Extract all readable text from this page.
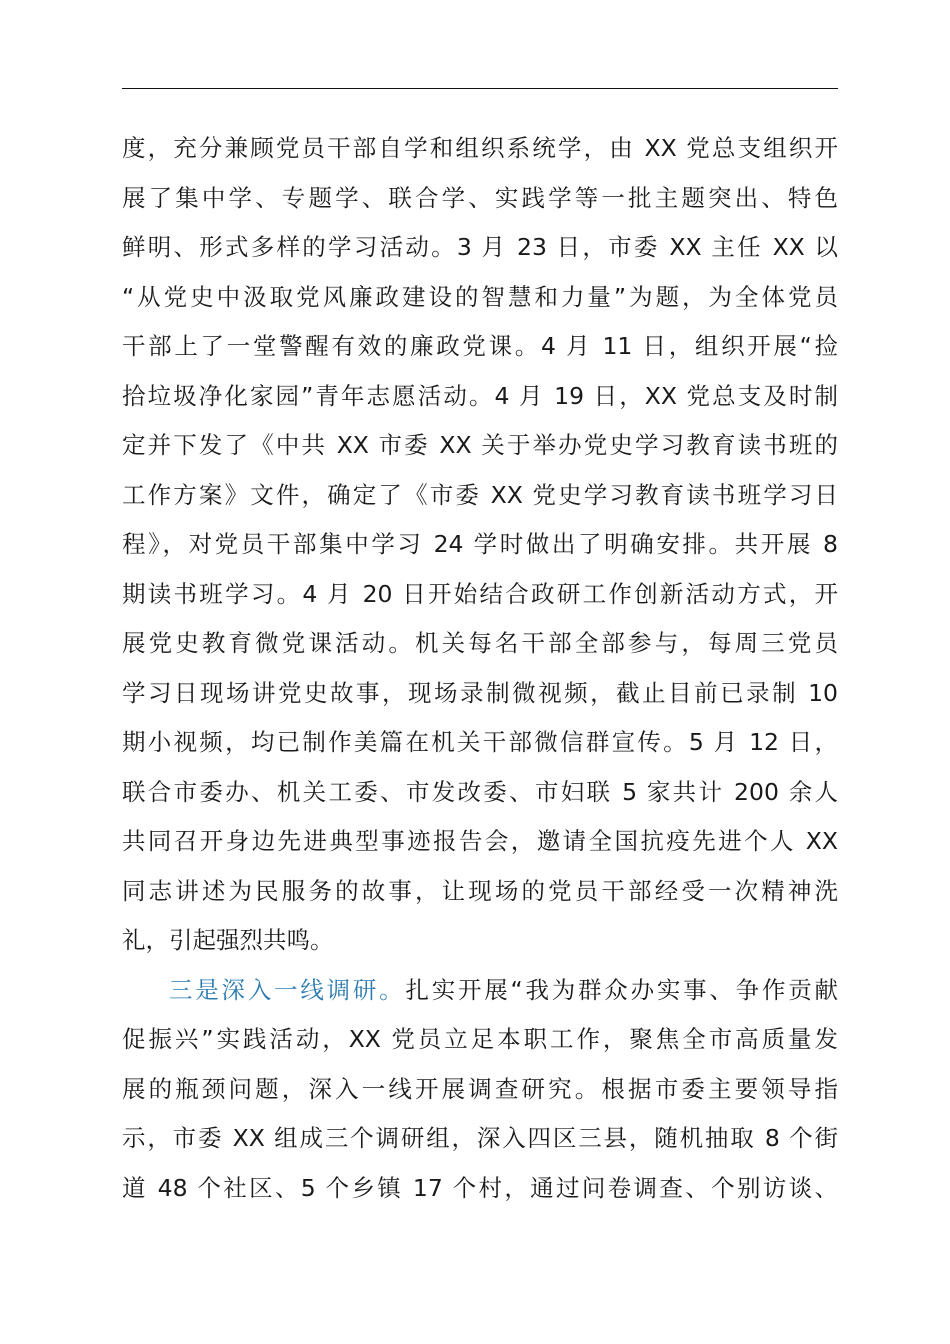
度，充分兼顾党员干部自学和组织系统学，由 XX 党总支组织开
展了集中学、专题学、联合学、实践学等一批主题突出、特色
鲜明、形式多样的学习活动。3 月 23 日，市委 XX 主任 XX 以
“从党史中汲取党风廉政建设的智慧和力量”为题，为全体党员
干部上了一堂警醒有效的廉政党课。4 月 11 日，组织开展“捡
拾垃圾净化家园”青年志愿活动。4 月 19 日，XX 党总支及时制
定并下发了《中共 XX 市委 XX 关于举办党史学习教育读书班的
工作方案》文件，确定了《市委 XX 党史学习教育读书班学习日
程》，对党员干部集中学习 24 学时做出了明确安排。共开展 8
期读书班学习。4 月 20 日开始结合政研工作创新活动方式，开
展党史教育微党课活动。机关每名干部全部参与，每周三党员
学习日现场讲党史故事，现场录制微视频，截止目前已录制 10
期小视频，均已制作美篇在机关干部微信群宣传。5 月 12 日，
联合市委办、机关工委、市发改委、市妇联 5 家共计 200 余人
共同召开身边先进典型事迹报告会，邀请全国抗疫先进个人 XX
同志讲述为民服务的故事，让现场的党员干部经受一次精神洗
礼，引起强烈共鸣。
三是深入一线调研。扎实开展“我为群众办实事、争作贡献
促振兴”实践活动，XX 党员立足本职工作，聚焦全市高质量发
展的瓶颈问题，深入一线开展调查研究。根据市委主要领导指
示，市委 XX 组成三个调研组，深入四区三县，随机抽取 8 个街
道 48 个社区、5 个乡镇 17 个村，通过问卷调查、个别访谈、
